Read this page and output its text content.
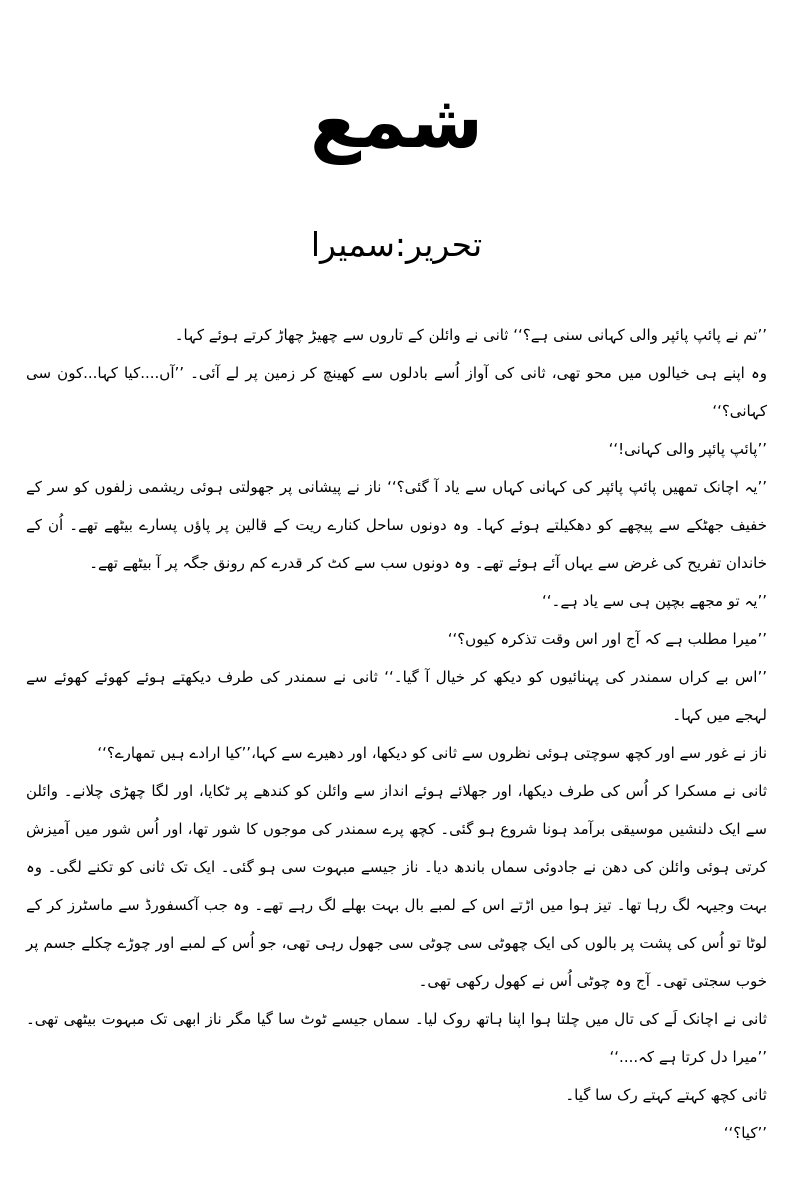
شمع
تحریر:سمیرا

’’تم نے پائپ پائپر والی کہانی سنی ہے؟‘‘ ثانی نے وائلن کے تاروں سے چھیڑ چھاڑ کرتے ہوئے کہا۔

وہ اپنے ہی خیالوں میں محو تھی، ثانی کی آواز اُسے بادلوں سے کھینچ کر زمین پر لے آئی۔ ’’آں....کیا کہا...کون سی کہانی؟‘‘

’’پائپ پائپر والی کہانی!‘‘

’’یہ اچانک تمھیں پائپ پائپر کی کہانی کہاں سے یاد آ گئی؟‘‘ ناز نے پیشانی پر جھولتی ہوئی ریشمی زلفوں کو سر کے خفیف جھٹکے سے پیچھے کو دھکیلتے ہوئے کہا۔ وہ دونوں ساحل کنارے ریت کے قالین پر پاؤں پسارے بیٹھے تھے۔ اُن کے خاندان تفریح کی غرض سے یہاں آئے ہوئے تھے۔ وہ دونوں سب سے کٹ کر قدرے کم رونق جگہ پر آ بیٹھے تھے۔

’’یہ تو مجھے بچپن ہی سے یاد ہے۔‘‘

’’میرا مطلب ہے کہ آج اور اس وقت تذکرہ کیوں؟‘‘

’’اس بے کراں سمندر کی پہنائیوں کو دیکھ کر خیال آ گیا۔‘‘ ثانی نے سمندر کی طرف دیکھتے ہوئے کھوئے کھوئے سے لہجے میں کہا۔

ناز نے غور سے اور کچھ سوچتی ہوئی نظروں سے ثانی کو دیکھا، اور دھیرے سے کہا،’’کیا ارادے ہیں تمھارے؟‘‘

ثانی نے مسکرا کر اُس کی طرف دیکھا، اور جھلائے ہوئے انداز سے وائلن کو کندھے پر ٹکایا، اور لگا چھڑی چلانے۔ وائلن سے ایک دلنشیں موسیقی برآمد ہونا شروع ہو گئی۔ کچھ پرے سمندر کی موجوں کا شور تھا، اور اُس شور میں آمیزش کرتی ہوئی وائلن کی دھن نے جادوئی سماں باندھ دیا۔ ناز جیسے مبہوت سی ہو گئی۔ ایک تک ثانی کو تکنے لگی۔ وہ بہت وجیہہ لگ رہا تھا۔ تیز ہوا میں اڑتے اس کے لمبے بال بہت بھلے لگ رہے تھے۔ وہ جب آکسفورڈ سے ماسٹرز کر کے لوٹا تو اُس کی پشت پر بالوں کی ایک چھوٹی سی چوٹی سی جھول رہی تھی، جو اُس کے لمبے اور چوڑے چکلے جسم پر خوب سجتی تھی۔ آج وہ چوٹی اُس نے کھول رکھی تھی۔

ثانی نے اچانک لَے کی تال میں چلتا ہوا اپنا ہاتھ روک لیا۔ سماں جیسے ٹوٹ سا گیا مگر ناز ابھی تک مبہوت بیٹھی تھی۔ ’’میرا دل کرتا ہے کہ....‘‘

ثانی کچھ کہتے کہتے رک سا گیا۔

’’کیا؟‘‘
